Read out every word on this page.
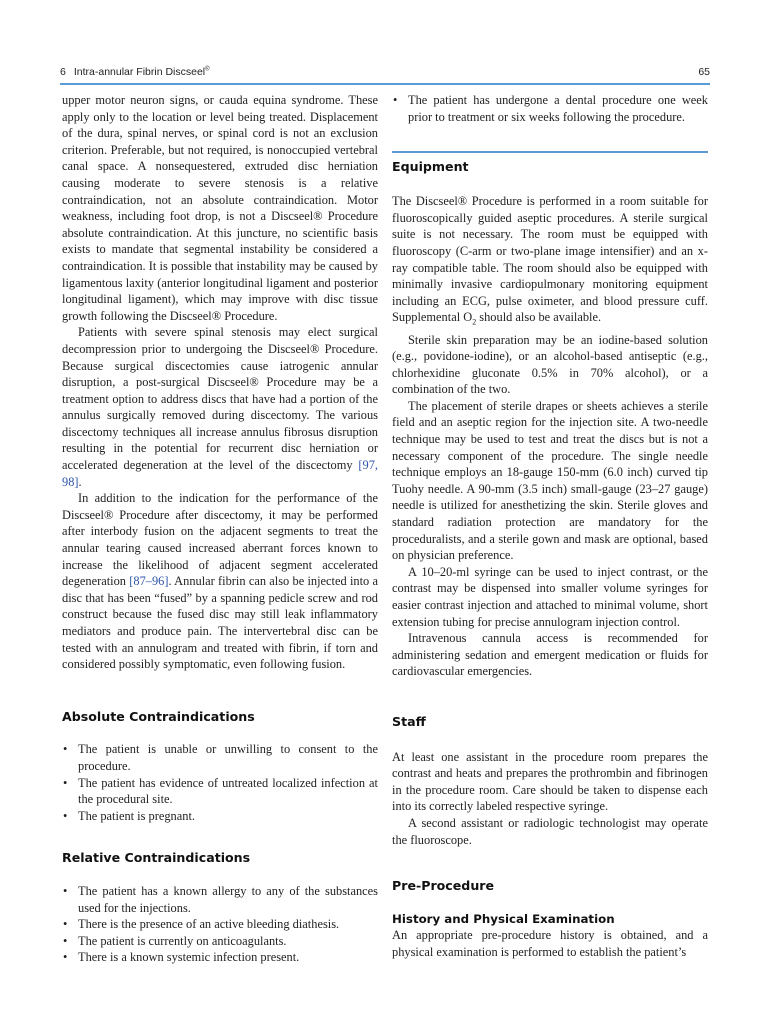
6 Intra-annular Fibrin Discseel®	65

upper motor neuron signs, or cauda equina syndrome. These apply only to the location or level being treated. Displacement of the dura, spinal nerves, or spinal cord is not an exclusion criterion. Preferable, but not required, is nonoccupied vertebral canal space. A nonsequestered, extruded disc herniation causing moderate to severe stenosis is a relative contraindication, not an absolute contraindication. Motor weakness, including foot drop, is not a Discseel® Procedure absolute contraindication. At this juncture, no scientific basis exists to mandate that segmental instability be considered a contraindication. It is possible that instability may be caused by ligamentous laxity (anterior longitudinal ligament and posterior longitudinal ligament), which may improve with disc tissue growth following the Discseel® Procedure.

Patients with severe spinal stenosis may elect surgical decompression prior to undergoing the Discseel® Procedure. Because surgical discectomies cause iatrogenic annular disruption, a post-surgical Discseel® Procedure may be a treatment option to address discs that have had a portion of the annulus surgically removed during discectomy. The various discectomy techniques all increase annulus fibrosus disruption resulting in the potential for recurrent disc herniation or accelerated degeneration at the level of the discectomy [97, 98].

In addition to the indication for the performance of the Discseel® Procedure after discectomy, it may be performed after interbody fusion on the adjacent segments to treat the annular tearing caused increased aberrant forces known to increase the likelihood of adjacent segment accelerated degeneration [87–96]. Annular fibrin can also be injected into a disc that has been “fused” by a spanning pedicle screw and rod construct because the fused disc may still leak inflammatory mediators and produce pain. The intervertebral disc can be tested with an annulogram and treated with fibrin, if torn and considered possibly symptomatic, even following fusion.

Absolute Contraindications
• The patient is unable or unwilling to consent to the procedure.
• The patient has evidence of untreated localized infection at the procedural site.
• The patient is pregnant.
Relative Contraindications
• The patient has a known allergy to any of the substances used for the injections.
• There is the presence of an active bleeding diathesis.
• The patient is currently on anticoagulants.
• There is a known systemic infection present.
• The patient has undergone a dental procedure one week prior to treatment or six weeks following the procedure.
Equipment

The Discseel® Procedure is performed in a room suitable for fluoroscopically guided aseptic procedures. A sterile surgical suite is not necessary. The room must be equipped with fluoroscopy (C-arm or two-plane image intensifier) and an x-ray compatible table. The room should also be equipped with minimally invasive cardiopulmonary monitoring equipment including an ECG, pulse oximeter, and blood pressure cuff. Supplemental $O_2$ should also be available.

Sterile skin preparation may be an iodine-based solution (e.g., povidone-iodine), or an alcohol-based antiseptic (e.g., chlorhexidine gluconate 0.5% in 70% alcohol), or a combination of the two.

The placement of sterile drapes or sheets achieves a sterile field and an aseptic region for the injection site. A two-needle technique may be used to test and treat the discs but is not a necessary component of the procedure. The single needle technique employs an 18-gauge 150-mm (6.0 inch) curved tip Tuohy needle. A 90-mm (3.5 inch) small-gauge (23–27 gauge) needle is utilized for anesthetizing the skin. Sterile gloves and standard radiation protection are mandatory for the proceduralists, and a sterile gown and mask are optional, based on physician preference.

A 10–20-ml syringe can be used to inject contrast, or the contrast may be dispensed into smaller volume syringes for easier contrast injection and attached to minimal volume, short extension tubing for precise annulogram injection control.

Intravenous cannula access is recommended for administering sedation and emergent medication or fluids for cardiovascular emergencies.

Staff

At least one assistant in the procedure room prepares the contrast and heats and prepares the prothrombin and fibrinogen in the procedure room. Care should be taken to dispense each into its correctly labeled respective syringe.

A second assistant or radiologic technologist may operate the fluoroscope.

Pre-Procedure
History and Physical Examination

An appropriate pre-procedure history is obtained, and a physical examination is performed to establish the patient’s
